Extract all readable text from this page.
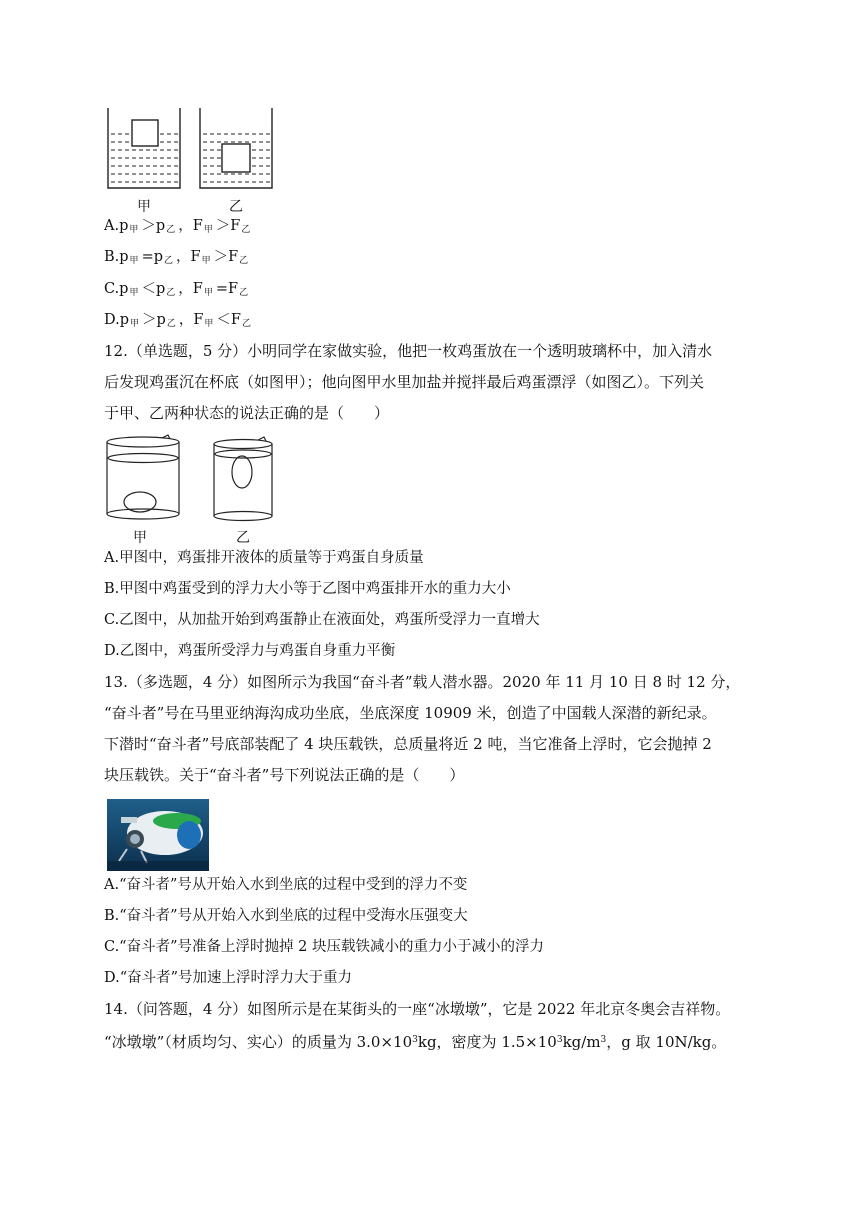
甲	乙
$A.p_甲 >p_乙$ ，$F_甲 >F_乙$
$B.p_甲 =p_乙$ ，$F_甲 >F_乙$
$C.p_甲 <p_乙$ ，$F_甲 =F_乙$
$D.p_甲 >p_乙$ ，$F_甲 <F_乙$
12.（单选题，5 分）小明同学在家做实验，他把一枚鸡蛋放在一个透明玻璃杯中，加入清水
后发现鸡蛋沉在杯底（如图甲）；他向图甲水里加盐并搅拌最后鸡蛋漂浮（如图乙）。下列关
于甲、乙两种状态的说法正确的是（　　）
甲	乙
A.甲图中，鸡蛋排开液体的质量等于鸡蛋自身质量
B.甲图中鸡蛋受到的浮力大小等于乙图中鸡蛋排开水的重力大小
C.乙图中，从加盐开始到鸡蛋静止在液面处，鸡蛋所受浮力一直增大
D.乙图中，鸡蛋所受浮力与鸡蛋自身重力平衡
13.（多选题，4 分）如图所示为我国“奋斗者”载人潜水器。2020 年 11 月 10 日 8 时 12 分，
“奋斗者”号在马里亚纳海沟成功坐底，坐底深度 10909 米，创造了中国载人深潜的新纪录。
下潜时“奋斗者”号底部装配了 4 块压载铁，总质量将近 2 吨，当它准备上浮时，它会抛掉 2
块压载铁。关于“奋斗者”号下列说法正确的是（　　）
A.“奋斗者”号从开始入水到坐底的过程中受到的浮力不变
B.“奋斗者”号从开始入水到坐底的过程中受海水压强变大
C.“奋斗者”号准备上浮时抛掉 2 块压载铁减小的重力小于减小的浮力
D.“奋斗者”号加速上浮时浮力大于重力
14.（问答题，4 分）如图所示是在某街头的一座“冰墩墩”，它是 2022 年北京冬奥会吉祥物。
“冰墩墩”（材质均匀、实心）的质量为 $3.0\times 10^3kg$，密度为 $1.5\times 10^3kg/m^3$，g 取 10N/kg。
